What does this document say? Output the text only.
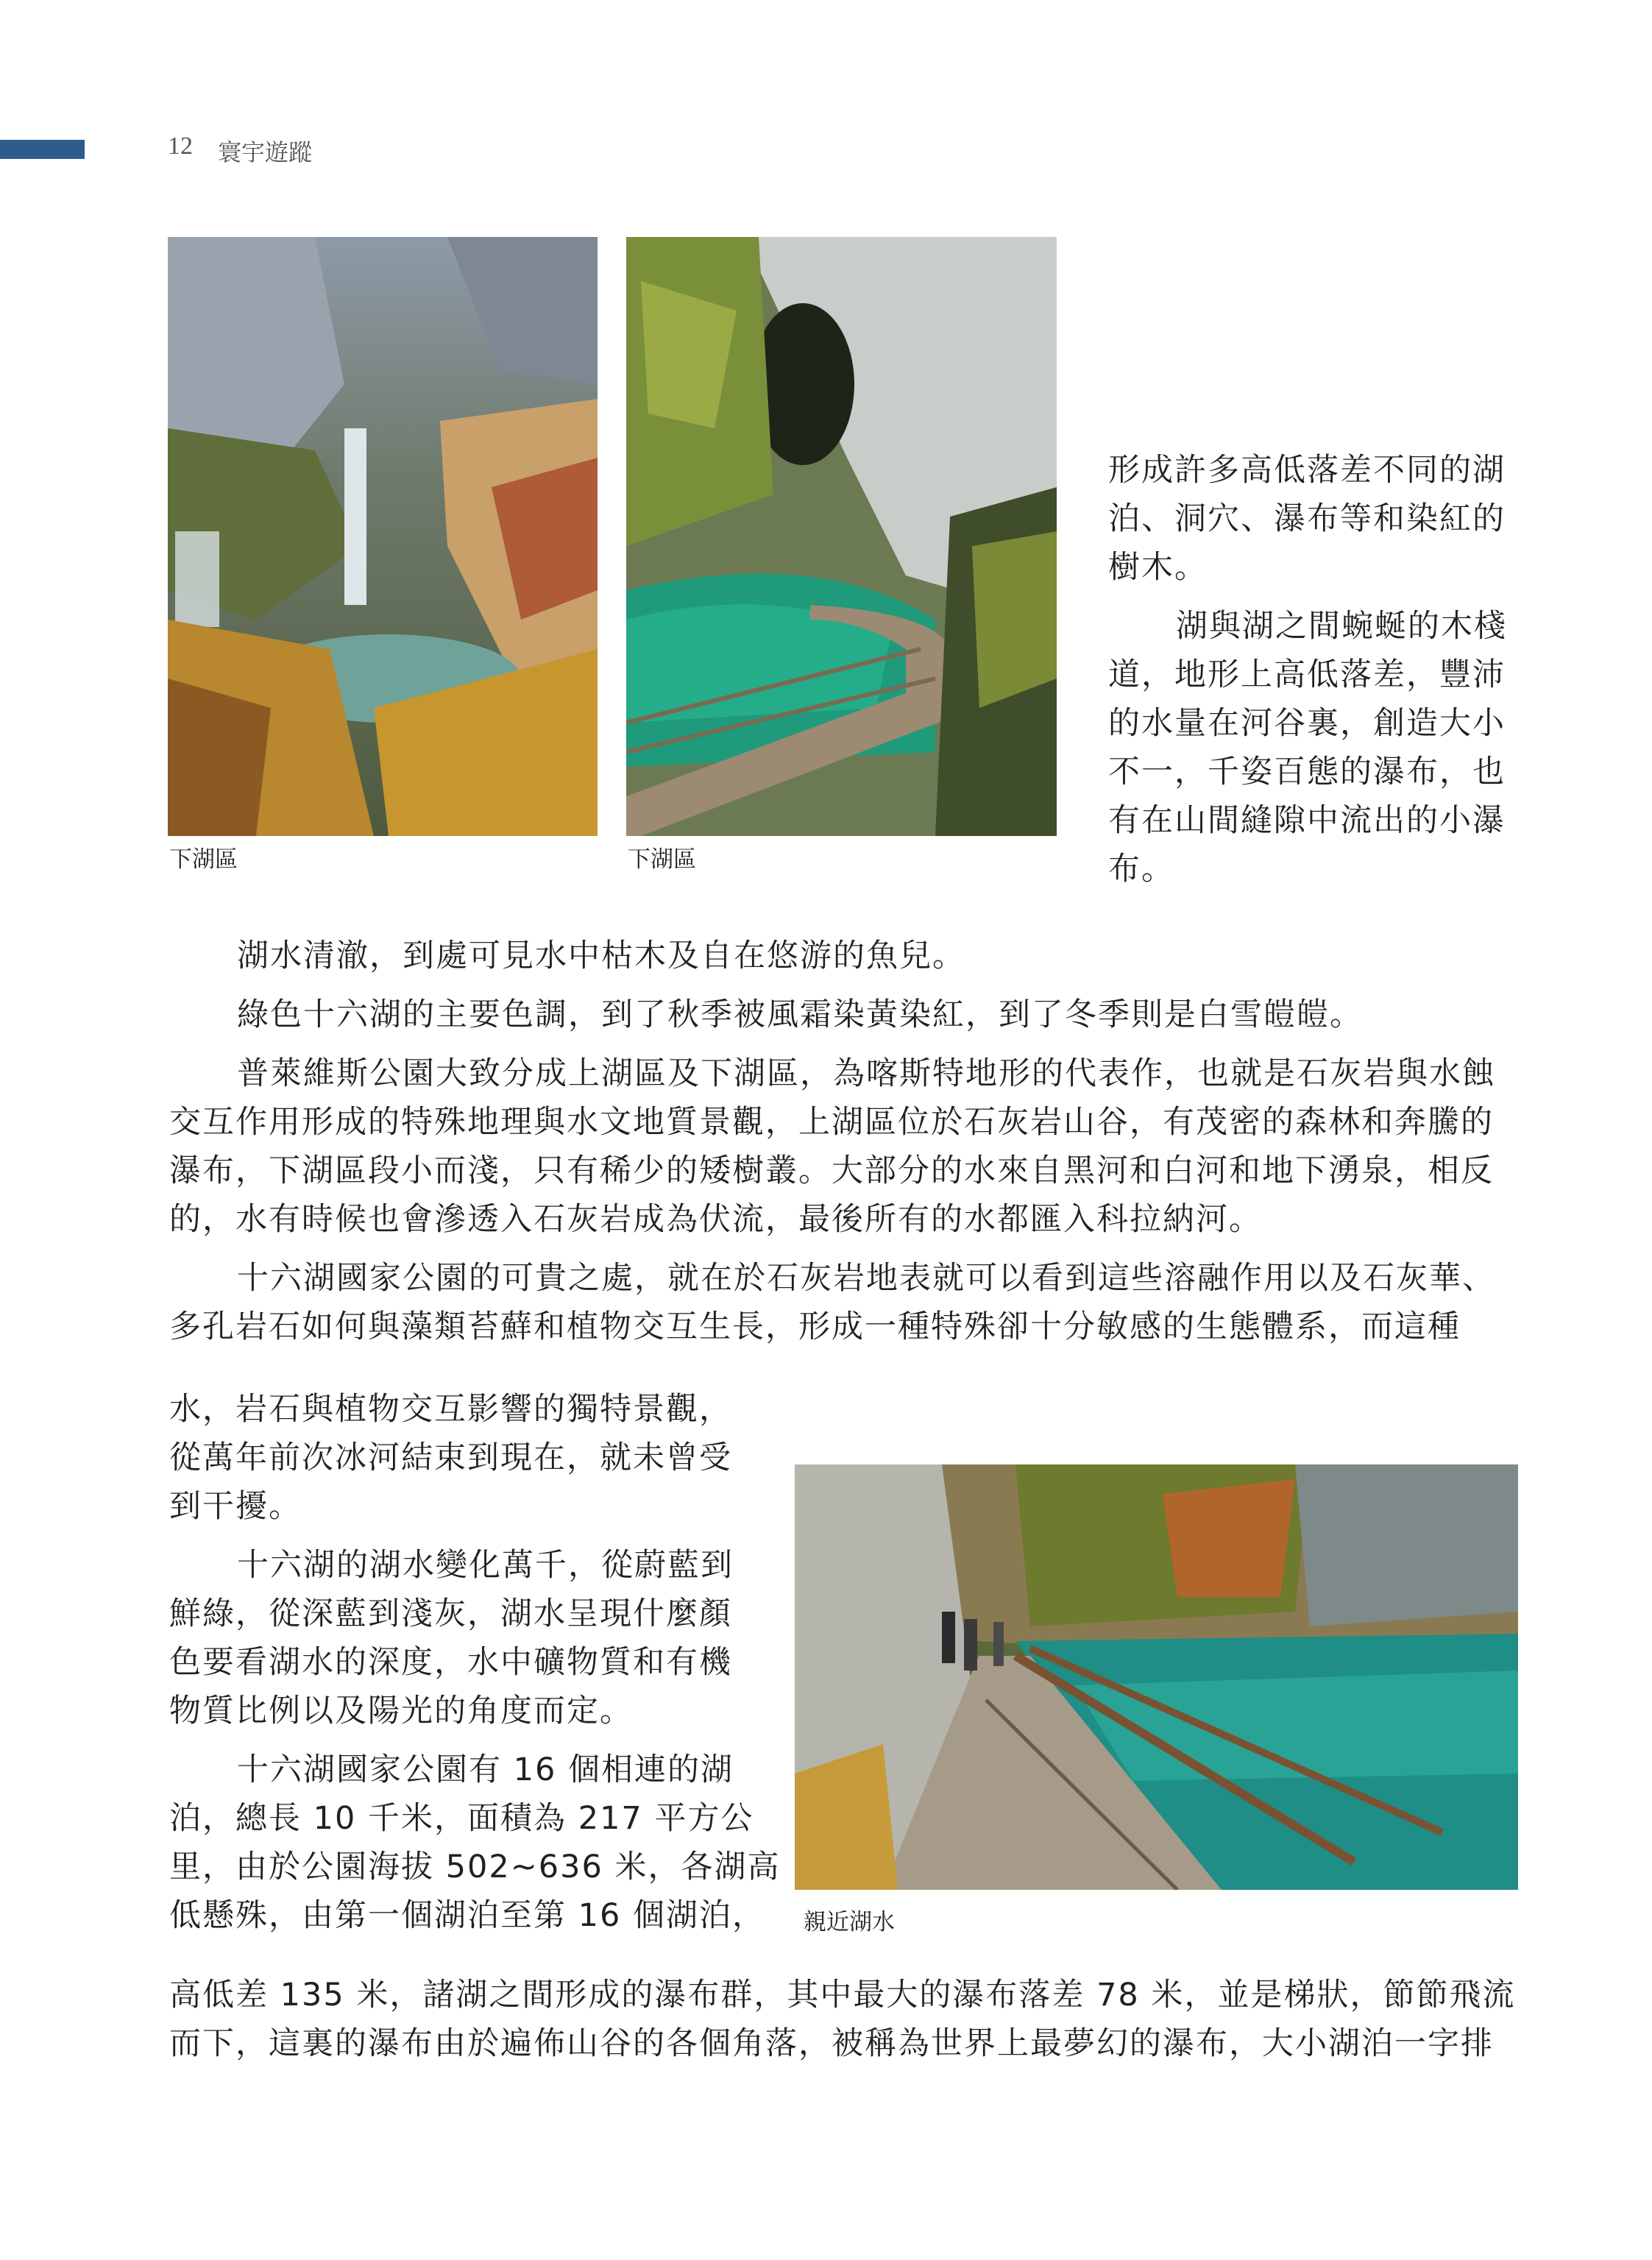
12 寰宇遊蹤
下湖區	下湖區
形成許多高低落差不同的湖
泊、洞穴、瀑布等和染紅的
樹木。
湖與湖之間蜿蜒的木棧
道，地形上高低落差，豐沛
的水量在河谷裏，創造大小
不一，千姿百態的瀑布，也
有在山間縫隙中流出的小瀑
布。
湖水清澈，到處可見水中枯木及自在悠游的魚兒。
綠色十六湖的主要色調，到了秋季被風霜染黃染紅，到了冬季則是白雪皚皚。
普萊維斯公園大致分成上湖區及下湖區，為喀斯特地形的代表作，也就是石灰岩與水蝕
交互作用形成的特殊地理與水文地質景觀，上湖區位於石灰岩山谷，有茂密的森林和奔騰的
瀑布，下湖區段小而淺，只有稀少的矮樹叢。大部分的水來自黑河和白河和地下湧泉，相反
的，水有時候也會滲透入石灰岩成為伏流，最後所有的水都匯入科拉納河。
十六湖國家公園的可貴之處，就在於石灰岩地表就可以看到這些溶融作用以及石灰華、
多孔岩石如何與藻類苔蘚和植物交互生長，形成一種特殊卻十分敏感的生態體系，而這種
水，岩石與植物交互影響的獨特景觀，
從萬年前次冰河結束到現在，就未曾受
到干擾。
十六湖的湖水變化萬千，從蔚藍到
鮮綠，從深藍到淺灰，湖水呈現什麼顏
色要看湖水的深度，水中礦物質和有機
物質比例以及陽光的角度而定。
十六湖國家公園有 16 個相連的湖
泊，總長 10 千米，面積為 217 平方公
里，由於公園海拔 502~636 米，各湖高
低懸殊，由第一個湖泊至第 16 個湖泊， 親近湖水
高低差 135 米，諸湖之間形成的瀑布群，其中最大的瀑布落差 78 米，並是梯狀，節節飛流
而下，這裏的瀑布由於遍佈山谷的各個角落，被稱為世界上最夢幻的瀑布，大小湖泊一字排
